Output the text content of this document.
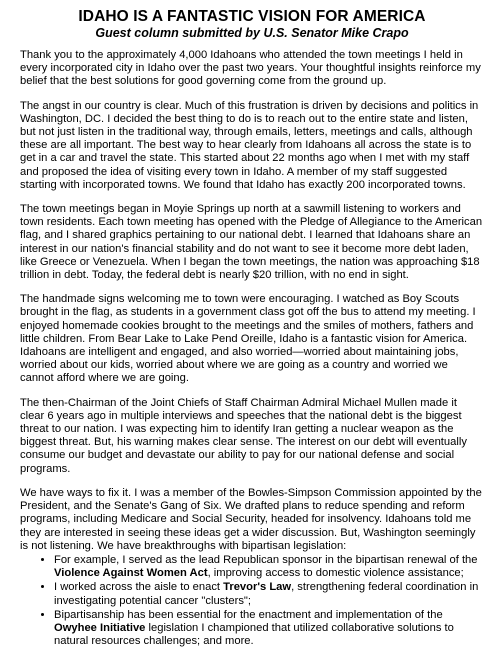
IDAHO IS A FANTASTIC VISION FOR AMERICA
Guest column submitted by U.S. Senator Mike Crapo

Thank you to the approximately 4,000 Idahoans who attended the town meetings I held in every incorporated city in Idaho over the past two years. Your thoughtful insights reinforce my belief that the best solutions for good governing come from the ground up.

The angst in our country is clear. Much of this frustration is driven by decisions and politics in Washington, DC. I decided the best thing to do is to reach out to the entire state and listen, but not just listen in the traditional way, through emails, letters, meetings and calls, although these are all important. The best way to hear clearly from Idahoans all across the state is to get in a car and travel the state. This started about 22 months ago when I met with my staff and proposed the idea of visiting every town in Idaho. A member of my staff suggested starting with incorporated towns. We found that Idaho has exactly 200 incorporated towns.

The town meetings began in Moyie Springs up north at a sawmill listening to workers and town residents. Each town meeting has opened with the Pledge of Allegiance to the American flag, and I shared graphics pertaining to our national debt. I learned that Idahoans share an interest in our nation's financial stability and do not want to see it become more debt laden, like Greece or Venezuela. When I began the town meetings, the nation was approaching $18 trillion in debt. Today, the federal debt is nearly $20 trillion, with no end in sight.

The handmade signs welcoming me to town were encouraging. I watched as Boy Scouts brought in the flag, as students in a government class got off the bus to attend my meeting. I enjoyed homemade cookies brought to the meetings and the smiles of mothers, fathers and little children. From Bear Lake to Lake Pend Oreille, Idaho is a fantastic vision for America. Idahoans are intelligent and engaged, and also worried—worried about maintaining jobs, worried about our kids, worried about where we are going as a country and worried we cannot afford where we are going.

The then-Chairman of the Joint Chiefs of Staff Chairman Admiral Michael Mullen made it clear 6 years ago in multiple interviews and speeches that the national debt is the biggest threat to our nation. I was expecting him to identify Iran getting a nuclear weapon as the biggest threat. But, his warning makes clear sense. The interest on our debt will eventually consume our budget and devastate our ability to pay for our national defense and social programs.

We have ways to fix it. I was a member of the Bowles-Simpson Commission appointed by the President, and the Senate's Gang of Six. We drafted plans to reduce spending and reform programs, including Medicare and Social Security, headed for insolvency. Idahoans told me they are interested in seeing these ideas get a wider discussion. But, Washington seemingly is not listening. We have breakthroughs with bipartisan legislation:

• For example, I served as the lead Republican sponsor in the bipartisan renewal of the Violence Against Women Act, improving access to domestic violence assistance;
• I worked across the aisle to enact Trevor's Law, strengthening federal coordination in investigating potential cancer "clusters";
• Bipartisanship has been essential for the enactment and implementation of the Owyhee Initiative legislation I championed that utilized collaborative solutions to natural resources challenges; and more.
